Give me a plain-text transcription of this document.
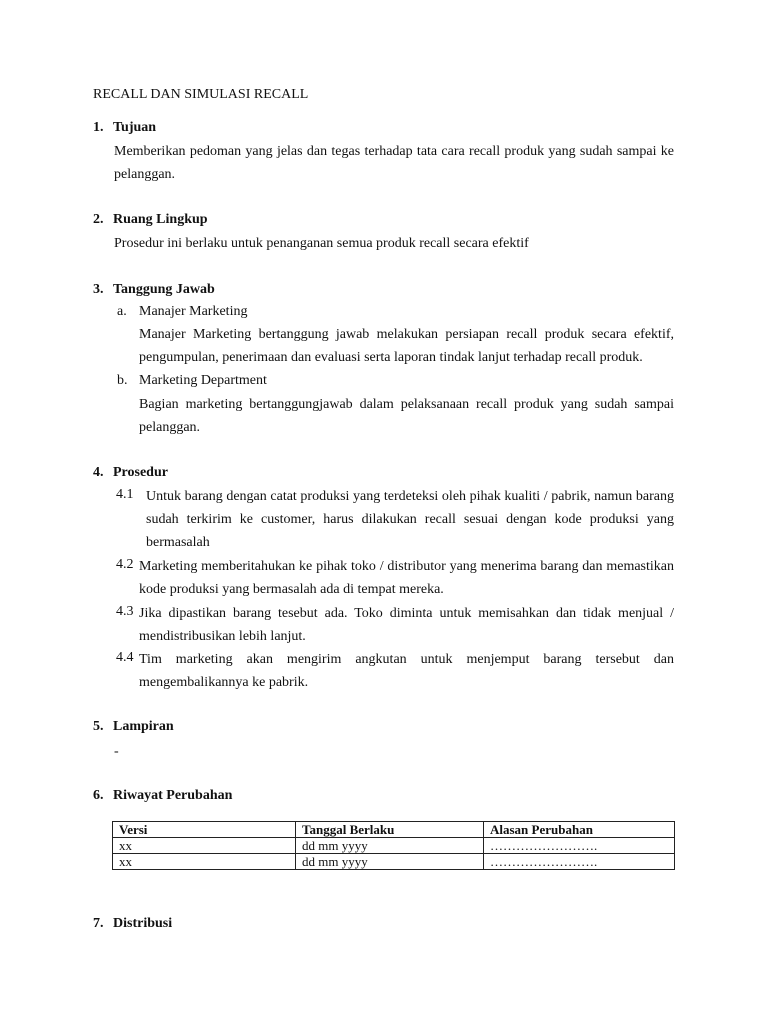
RECALL DAN SIMULASI RECALL
1. Tujuan
Memberikan pedoman yang jelas dan tegas terhadap tata cara recall produk yang sudah sampai ke pelanggan.
2. Ruang Lingkup
Prosedur ini berlaku untuk penanganan semua produk recall secara efektif
3. Tanggung Jawab
a. Manajer Marketing
Manajer Marketing bertanggung jawab melakukan persiapan recall produk secara efektif, pengumpulan, penerimaan dan evaluasi serta laporan tindak lanjut terhadap recall produk.
b. Marketing Department
Bagian marketing bertanggungjawab dalam pelaksanaan recall produk yang sudah sampai pelanggan.
4. Prosedur
4.1 Untuk barang dengan catat produksi yang terdeteksi oleh pihak kualiti / pabrik, namun barang sudah terkirim ke customer, harus dilakukan recall sesuai dengan kode produksi yang bermasalah
4.2 Marketing memberitahukan ke pihak toko / distributor yang menerima barang dan memastikan kode produksi yang bermasalah ada di tempat mereka.
4.3 Jika dipastikan barang tesebut ada. Toko diminta untuk memisahkan dan tidak menjual / mendistribusikan lebih lanjut.
4.4 Tim marketing akan mengirim angkutan untuk menjemput barang tersebut dan mengembalikannya ke pabrik.
5. Lampiran
-
6. Riwayat Perubahan
Versi	Tanggal Berlaku	Alasan Perubahan
xx	dd mm yyyy	…………………….
xx	dd mm yyyy	…………………….
7. Distribusi
